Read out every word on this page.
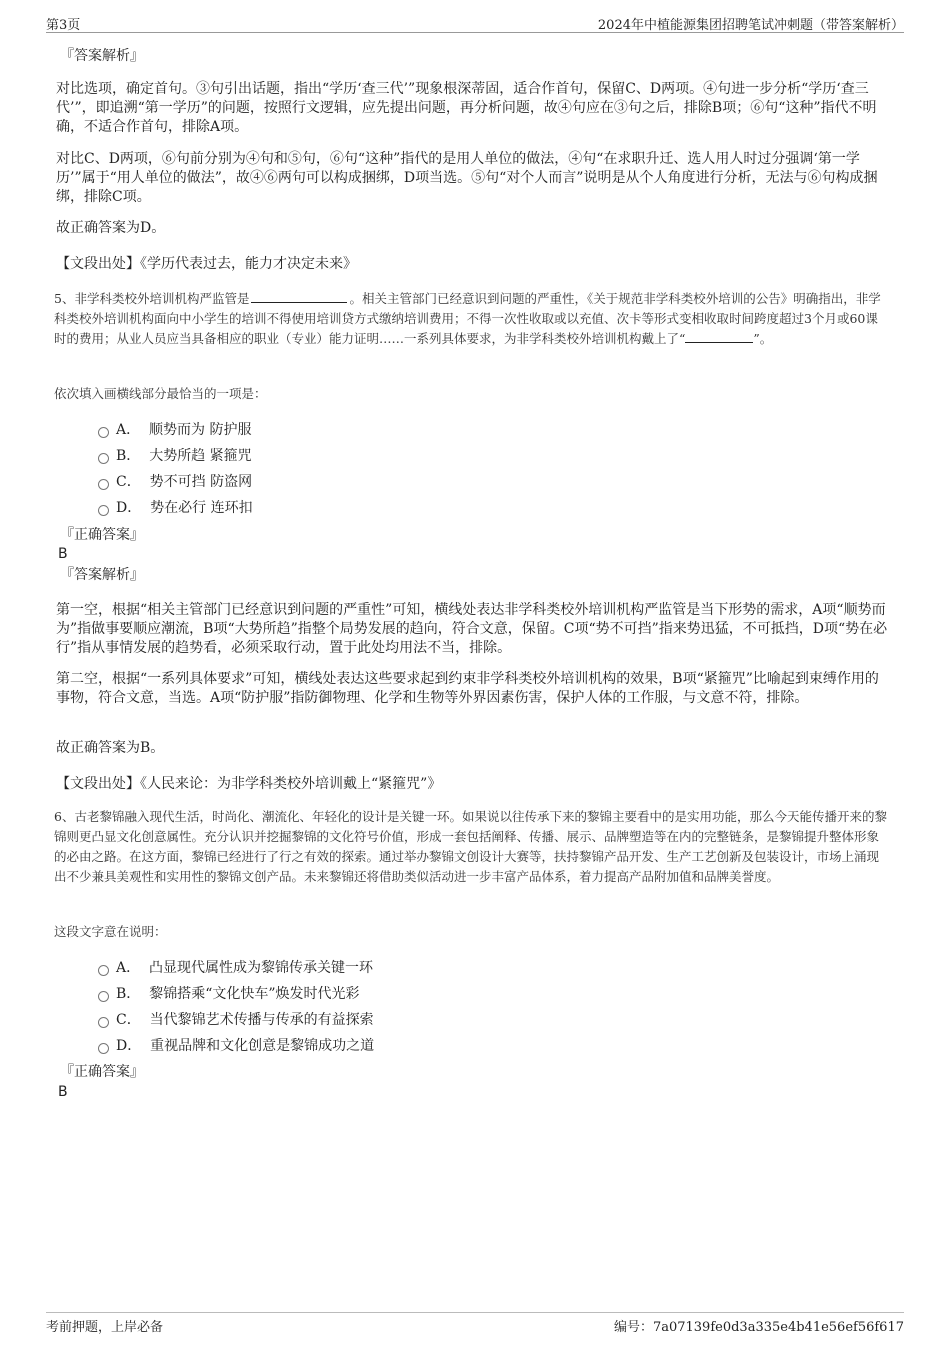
第3页	2024年中植能源集团招聘笔试冲刺题（带答案解析）
『答案解析』

对比选项，确定首句。③句引出话题，指出“学历‘查三代’”现象根深蒂固，适合作首句，保留C、D两项。④句进一步分析“学历‘查三代’”，即追溯“第一学历”的问题，按照行文逻辑，应先提出问题，再分析问题，故④句应在③句之后，排除B项；⑥句“这种”指代不明确，不适合作首句，排除A项。

对比C、D两项，⑥句前分别为④句和⑤句，⑥句“这种”指代的是用人单位的做法，④句“在求职升迁、选人用人时过分强调‘第一学历’”属于“用人单位的做法”，故④⑥两句可以构成捆绑，D项当选。⑤句“对个人而言”说明是从个人角度进行分析，无法与⑥句构成捆绑，排除C项。

故正确答案为D。

【文段出处】《学历代表过去，能力才决定未来》

5、非学科类校外培训机构严监管是	。相关主管部门已经意识到问题的严重性，《关于规范非学科类校外培训的公告》明确指出，非学科类校外培训机构面向中小学生的培训不得使用培训贷方式缴纳培训费用；不得一次性收取或以充值、次卡等形式变相收取时间跨度超过3个月或60课时的费用；从业人员应当具备相应的职业（专业）能力证明……一系列具体要求，为非学科类校外培训机构戴上了“	”。

依次填入画横线部分最恰当的一项是：

A． 顺势而为 防护服
B． 大势所趋 紧箍咒
C． 势不可挡 防盗网
D． 势在必行 连环扣
『正确答案』
B
『答案解析』

第一空，根据“相关主管部门已经意识到问题的严重性”可知，横线处表达非学科类校外培训机构严监管是当下形势的需求，A项“顺势而为”指做事要顺应潮流，B项“大势所趋”指整个局势发展的趋向，符合文意，保留。C项“势不可挡”指来势迅猛，不可抵挡，D项“势在必行”指从事情发展的趋势看，必须采取行动，置于此处均用法不当，排除。

第二空，根据“一系列具体要求”可知，横线处表达这些要求起到约束非学科类校外培训机构的效果，B项“紧箍咒”比喻起到束缚作用的事物，符合文意，当选。A项“防护服”指防御物理、化学和生物等外界因素伤害，保护人体的工作服，与文意不符，排除。

故正确答案为B。

【文段出处】《人民来论：为非学科类校外培训戴上“紧箍咒”》

6、古老黎锦融入现代生活，时尚化、潮流化、年轻化的设计是关键一环。如果说以往传承下来的黎锦主要看中的是实用功能，那么今天能传播开来的黎锦则更凸显文化创意属性。充分认识并挖掘黎锦的文化符号价值，形成一套包括阐释、传播、展示、品牌塑造等在内的完整链条，是黎锦提升整体形象的必由之路。在这方面，黎锦已经进行了行之有效的探索。通过举办黎锦文创设计大赛等，扶持黎锦产品开发、生产工艺创新及包装设计，市场上涌现出不少兼具美观性和实用性的黎锦文创产品。未来黎锦还将借助类似活动进一步丰富产品体系，着力提高产品附加值和品牌美誉度。

这段文字意在说明：

A． 凸显现代属性成为黎锦传承关键一环
B． 黎锦搭乘“文化快车”焕发时代光彩
C． 当代黎锦艺术传播与传承的有益探索
D． 重视品牌和文化创意是黎锦成功之道
『正确答案』
B
考前押题，上岸必备	编号：7a07139fe0d3a335e4b41e56ef56f617
